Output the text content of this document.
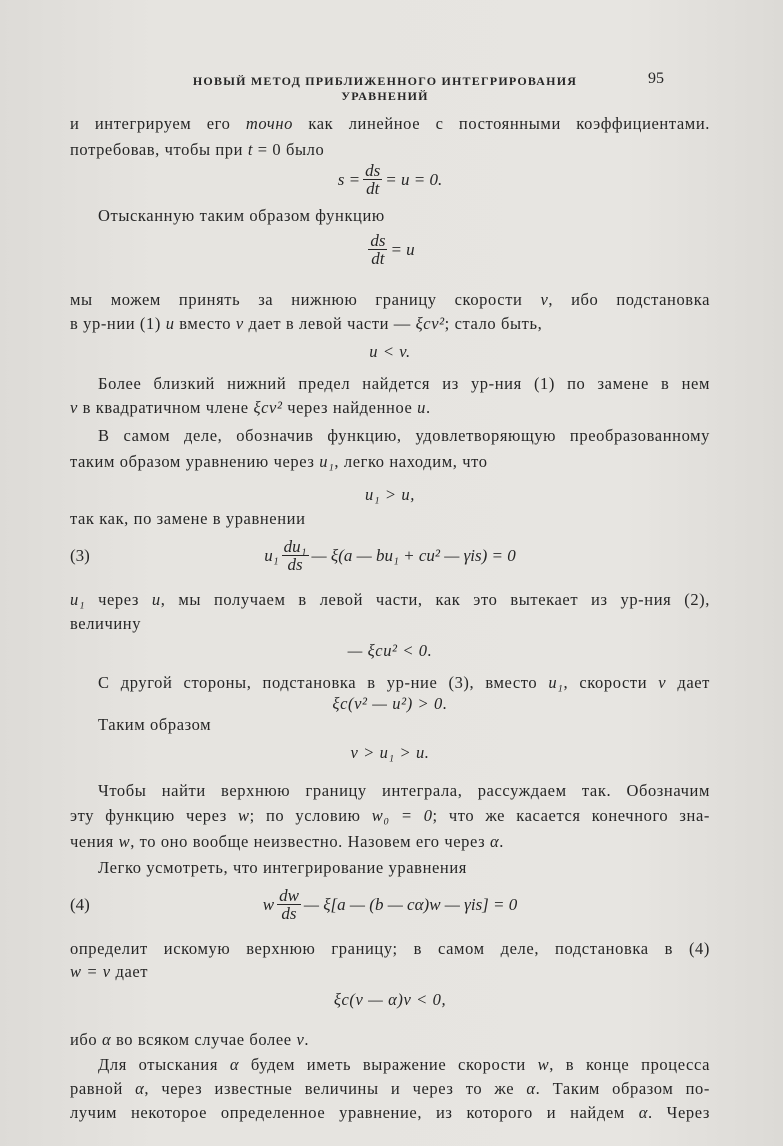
НОВЫЙ МЕТОД ПРИБЛИЖЕННОГО ИНТЕГРИРОВАНИЯ УРАВНЕНИЙ
95
и интегрируем его точно как линейное с постоянными коэффициентами.
потребовав, чтобы при t = 0 было
$s = \frac{ds}{dt} = u = 0$.
Отысканную таким образом функцию
$\frac{ds}{dt} = u$
мы можем принять за нижнюю границу скорости v, ибо подстановка
в ур-нии (1) u вместо v дает в левой части — ξcv²; стало быть,
u < v.
Более близкий нижний предел найдется из ур-ния (1) по замене в нем
v в квадратичном члене ξcv² через найденное u.
В самом деле, обозначив функцию, удовлетворяющую преобразованному
таким образом уравнению через u₁, легко находим, что
u₁ > u,
так как, по замене в уравнении
(3)	$u_1 \frac{\text{du₁}}{ds}$ — ξ(a — bu₁ + cu² — γis) = 0
u₁ через u, мы получаем в левой части, как это вытекает из ур-ния (2),
величину
— ξcu² < 0.
С другой стороны, подстановка в ур-ние (3), вместо u₁, скорости v дает
ξc(v² — u²) > 0.
Таким образом
v > u₁ > u.
Чтобы найти верхнюю границу интеграла, рассуждаем так. Обозначим
эту функцию через w; по условию w₀ = 0; что же касается конечного зна-
чения w, то оно вообще неизвестно. Назовем его через α.
Легко усмотреть, что интегрирование уравнения
(4)	w $\frac{dw}{ds}$ — ξ[a — (b — cα)w — γis] = 0
определит искомую верхнюю границу; в самом деле, подстановка в (4)
w = v дает
ξc(v — α)v < 0,
ибо α во всяком случае более v.
Для отыскания α будем иметь выражение скорости w, в конце процесса
равной α, через известные величины и через то же α. Таким образом по-
лучим некоторое определенное уравнение, из которого и найдем α. Через
